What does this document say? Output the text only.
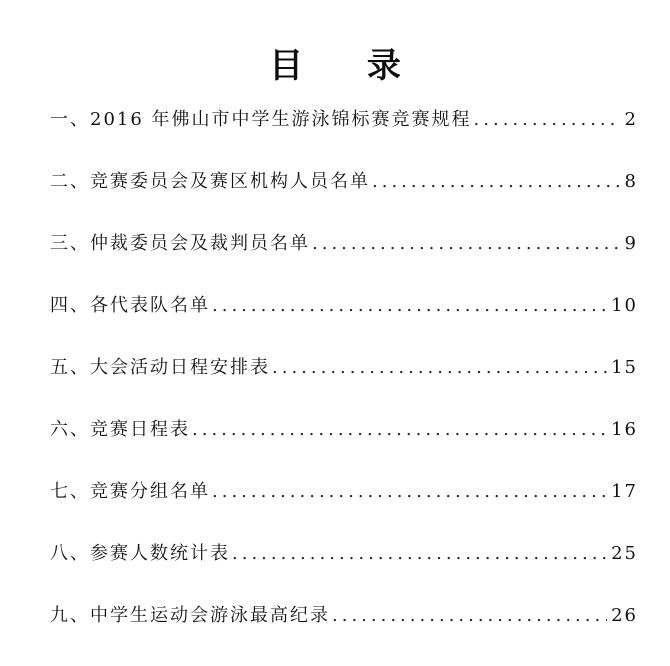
目 录
一、2016 年佛山市中学生游泳锦标赛竞赛规程 .....	2
二、竞赛委员会及赛区机构人员名单 .....	8
三、仲裁委员会及裁判员名单 .....	9
四、各代表队名单 .....	10
五、大会活动日程安排表 .....	15
六、竞赛日程表 .....	16
七、竞赛分组名单 .....	17
八、参赛人数统计表 .....	25
九、中学生运动会游泳最高纪录 .....	26
